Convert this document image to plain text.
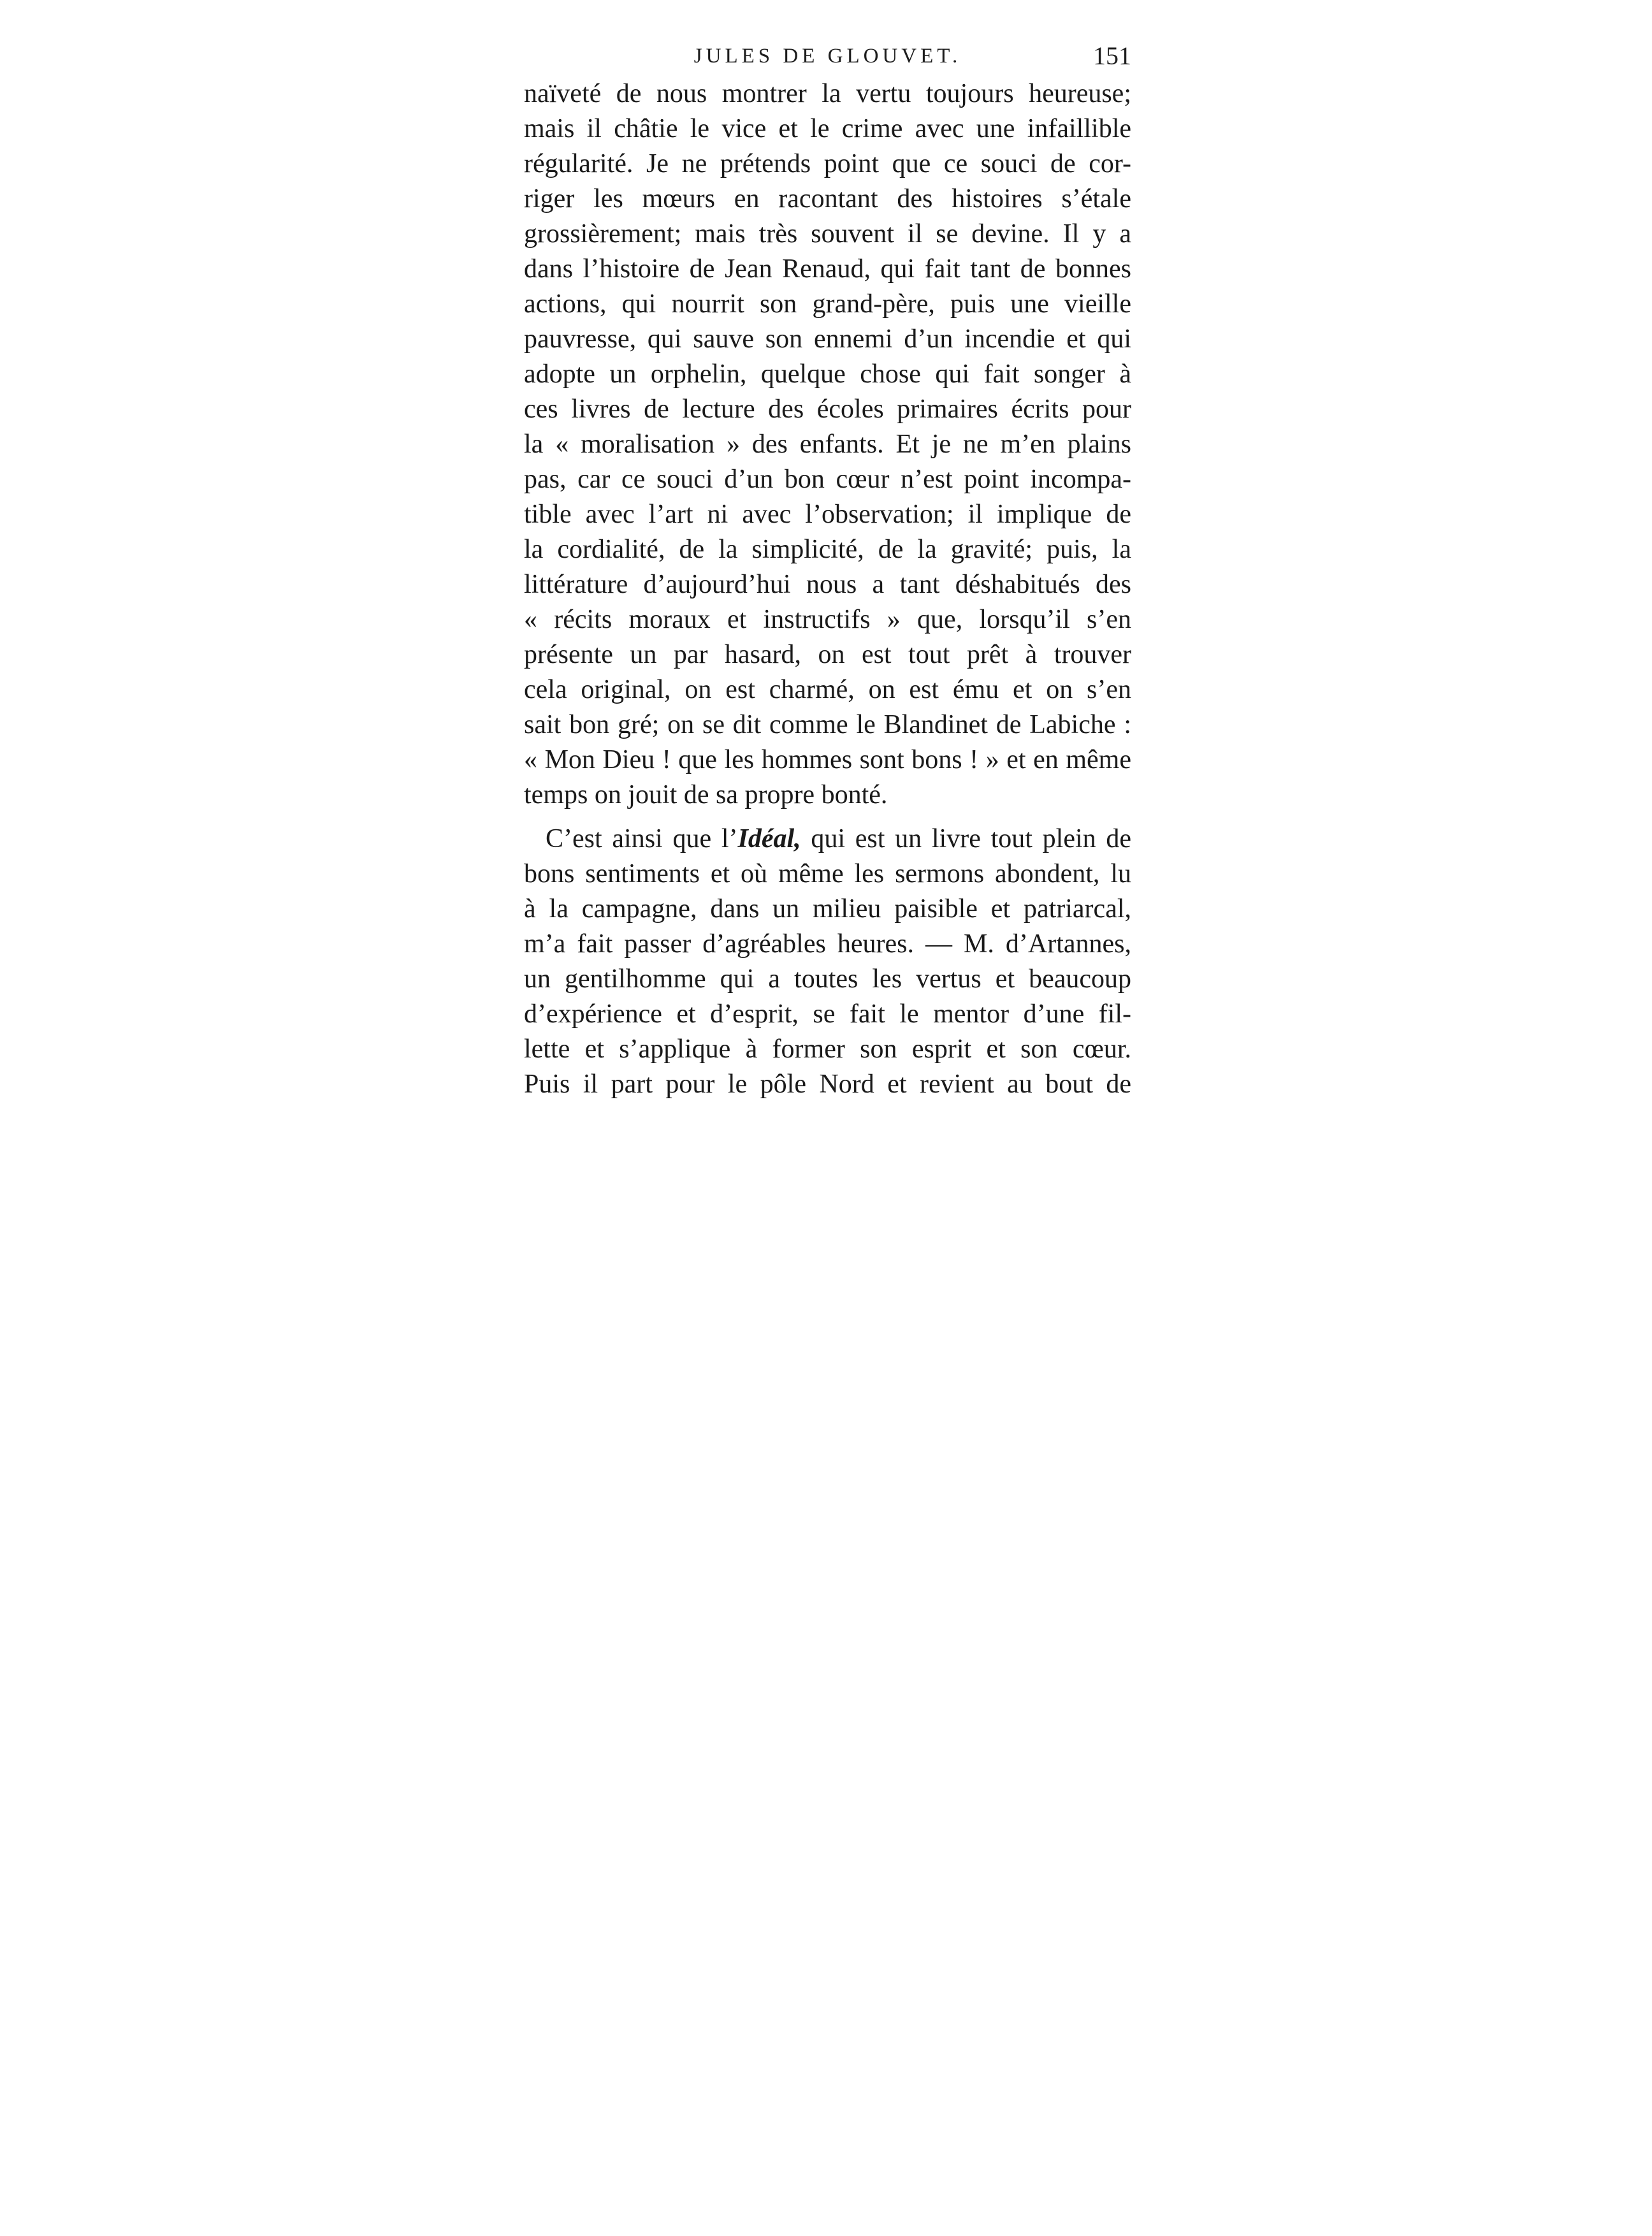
JULES DE GLOUVET.	151
naïveté de nous montrer la vertu toujours heureuse;
mais il châtie le vice et le crime avec une infaillible
régularité. Je ne prétends point que ce souci de cor-
riger les mœurs en racontant des histoires s’étale
grossièrement; mais très souvent il se devine. Il y a
dans l’histoire de Jean Renaud, qui fait tant de bonnes
actions, qui nourrit son grand-père, puis une vieille
pauvresse, qui sauve son ennemi d’un incendie et qui
adopte un orphelin, quelque chose qui fait songer à
ces livres de lecture des écoles primaires écrits pour
la « moralisation » des enfants. Et je ne m’en plains
pas, car ce souci d’un bon cœur n’est point incompa-
tible avec l’art ni avec l’observation; il implique de
la cordialité, de la simplicité, de la gravité; puis, la
littérature d’aujourd’hui nous a tant déshabitués des
« récits moraux et instructifs » que, lorsqu’il s’en
présente un par hasard, on est tout prêt à trouver
cela original, on est charmé, on est ému et on s’en
sait bon gré; on se dit comme le Blandinet de Labiche :
« Mon Dieu ! que les hommes sont bons ! » et en même
temps on jouit de sa propre bonté.
C’est ainsi que l’Idéal, qui est un livre tout plein de
bons sentiments et où même les sermons abondent, lu
à la campagne, dans un milieu paisible et patriarcal,
m’a fait passer d’agréables heures. — M. d’Artannes,
un gentilhomme qui a toutes les vertus et beaucoup
d’expérience et d’esprit, se fait le mentor d’une fil-
lette et s’applique à former son esprit et son cœur.
Puis il part pour le pôle Nord et revient au bout de
